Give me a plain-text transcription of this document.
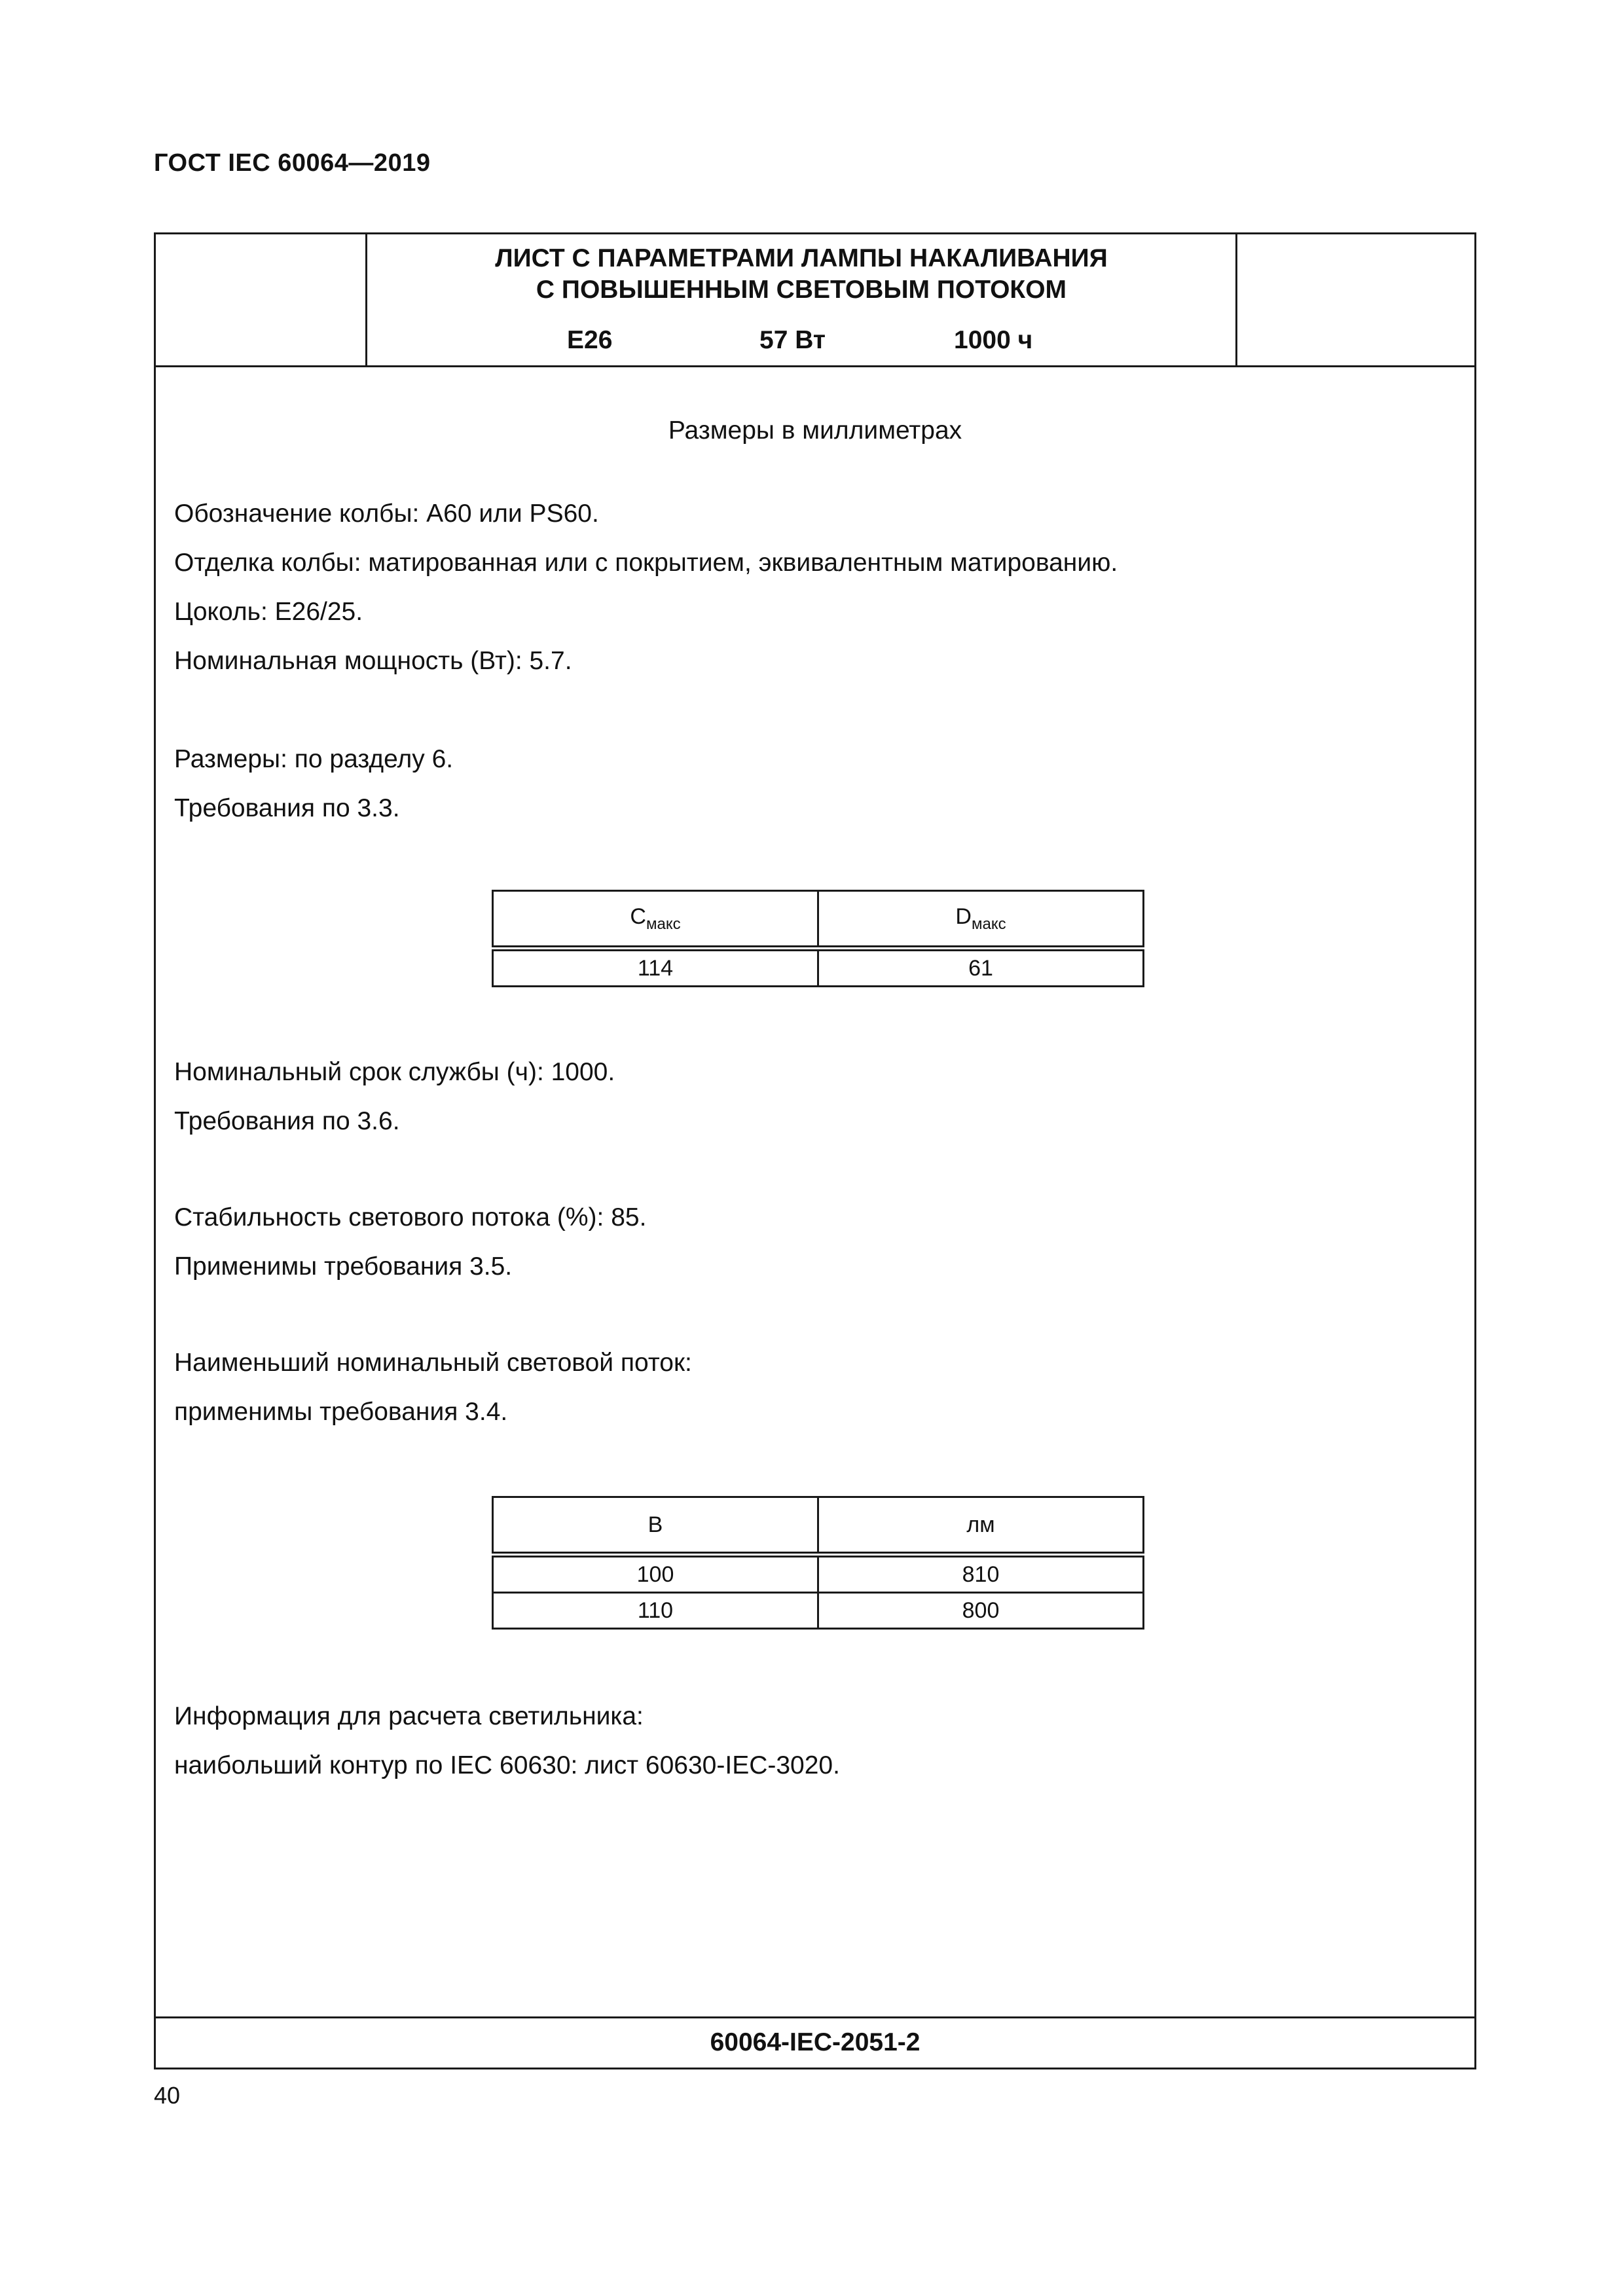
ГОСТ IEC 60064—2019
ЛИСТ С ПАРАМЕТРАМИ ЛАМПЫ НАКАЛИВАНИЯ
С ПОВЫШЕННЫМ СВЕТОВЫМ ПОТОКОМ
E26	57 Вт	1000 ч
Размеры в миллиметрах
Обозначение колбы: A60 или PS60.
Отделка колбы: матированная или с покрытием, эквивалентным матированию.
Цоколь: E26/25.
Номинальная мощность (Вт): 5.7.
Размеры: по разделу 6.
Требования по 3.3.
$C_{макс}$	$D_{макс}$
114	61
Номинальный срок службы (ч): 1000.
Требования по 3.6.
Стабильность светового потока (%): 85.
Применимы требования 3.5.
Наименьший номинальный световой поток:
применимы требования 3.4.
В	лм
100	810
110	800
Информация для расчета светильника:
наибольший контур по IEC 60630: лист 60630-IEC-3020.
60064-IEC-2051-2
40
